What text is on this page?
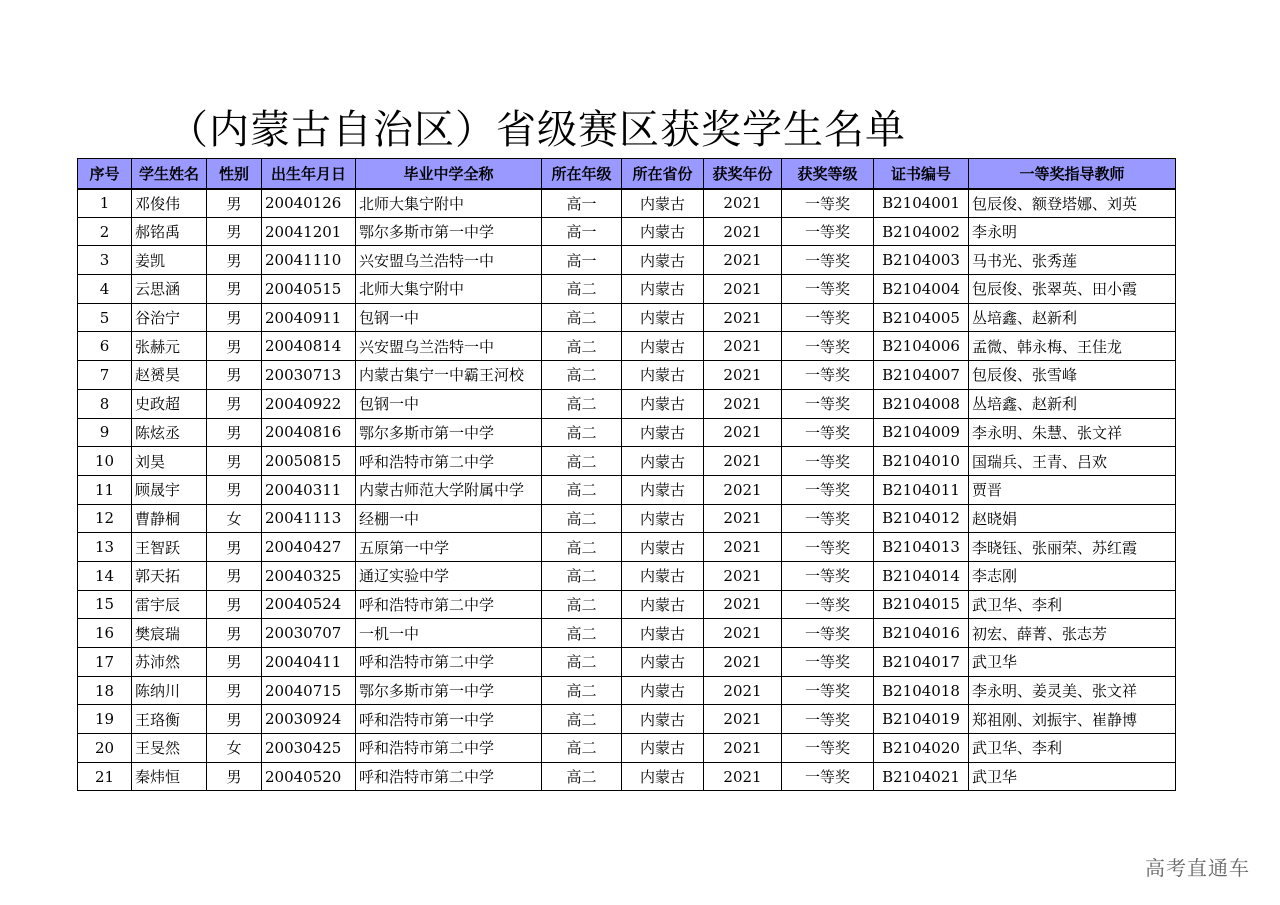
（内蒙古自治区）省级赛区获奖学生名单
序号	学生姓名	性别	出生年月日	毕业中学全称	所在年级	所在省份	获奖年份	获奖等级	证书编号	一等奖指导教师
1	邓俊伟	男	20040126	北师大集宁附中	高一	内蒙古	2021	一等奖	B2104001	包辰俊、额登塔娜、刘英
2	郝铭禹	男	20041201	鄂尔多斯市第一中学	高一	内蒙古	2021	一等奖	B2104002	李永明
3	姜凯	男	20041110	兴安盟乌兰浩特一中	高一	内蒙古	2021	一等奖	B2104003	马书光、张秀莲
4	云思涵	男	20040515	北师大集宁附中	高二	内蒙古	2021	一等奖	B2104004	包辰俊、张翠英、田小霞
5	谷治宁	男	20040911	包钢一中	高二	内蒙古	2021	一等奖	B2104005	丛培鑫、赵新利
6	张赫元	男	20040814	兴安盟乌兰浩特一中	高二	内蒙古	2021	一等奖	B2104006	孟微、韩永梅、王佳龙
7	赵赟昊	男	20030713	内蒙古集宁一中霸王河校	高二	内蒙古	2021	一等奖	B2104007	包辰俊、张雪峰
8	史政超	男	20040922	包钢一中	高二	内蒙古	2021	一等奖	B2104008	丛培鑫、赵新利
9	陈炫丞	男	20040816	鄂尔多斯市第一中学	高二	内蒙古	2021	一等奖	B2104009	李永明、朱慧、张文祥
10	刘昊	男	20050815	呼和浩特市第二中学	高二	内蒙古	2021	一等奖	B2104010	国瑞兵、王青、吕欢
11	顾晟宇	男	20040311	内蒙古师范大学附属中学	高二	内蒙古	2021	一等奖	B2104011	贾晋
12	曹静桐	女	20041113	经棚一中	高二	内蒙古	2021	一等奖	B2104012	赵晓娟
13	王智跃	男	20040427	五原第一中学	高二	内蒙古	2021	一等奖	B2104013	李晓钰、张丽荣、苏红霞
14	郭天拓	男	20040325	通辽实验中学	高二	内蒙古	2021	一等奖	B2104014	李志刚
15	雷宇辰	男	20040524	呼和浩特市第二中学	高二	内蒙古	2021	一等奖	B2104015	武卫华、李利
16	樊宸瑞	男	20030707	一机一中	高二	内蒙古	2021	一等奖	B2104016	初宏、薛菁、张志芳
17	苏沛然	男	20040411	呼和浩特市第二中学	高二	内蒙古	2021	一等奖	B2104017	武卫华
18	陈纳川	男	20040715	鄂尔多斯市第一中学	高二	内蒙古	2021	一等奖	B2104018	李永明、姜灵美、张文祥
19	王珞衡	男	20030924	呼和浩特市第一中学	高二	内蒙古	2021	一等奖	B2104019	郑祖刚、刘振宇、崔静博
20	王旻然	女	20030425	呼和浩特市第二中学	高二	内蒙古	2021	一等奖	B2104020	武卫华、李利
21	秦炜恒	男	20040520	呼和浩特市第二中学	高二	内蒙古	2021	一等奖	B2104021	武卫华
高考直通车
